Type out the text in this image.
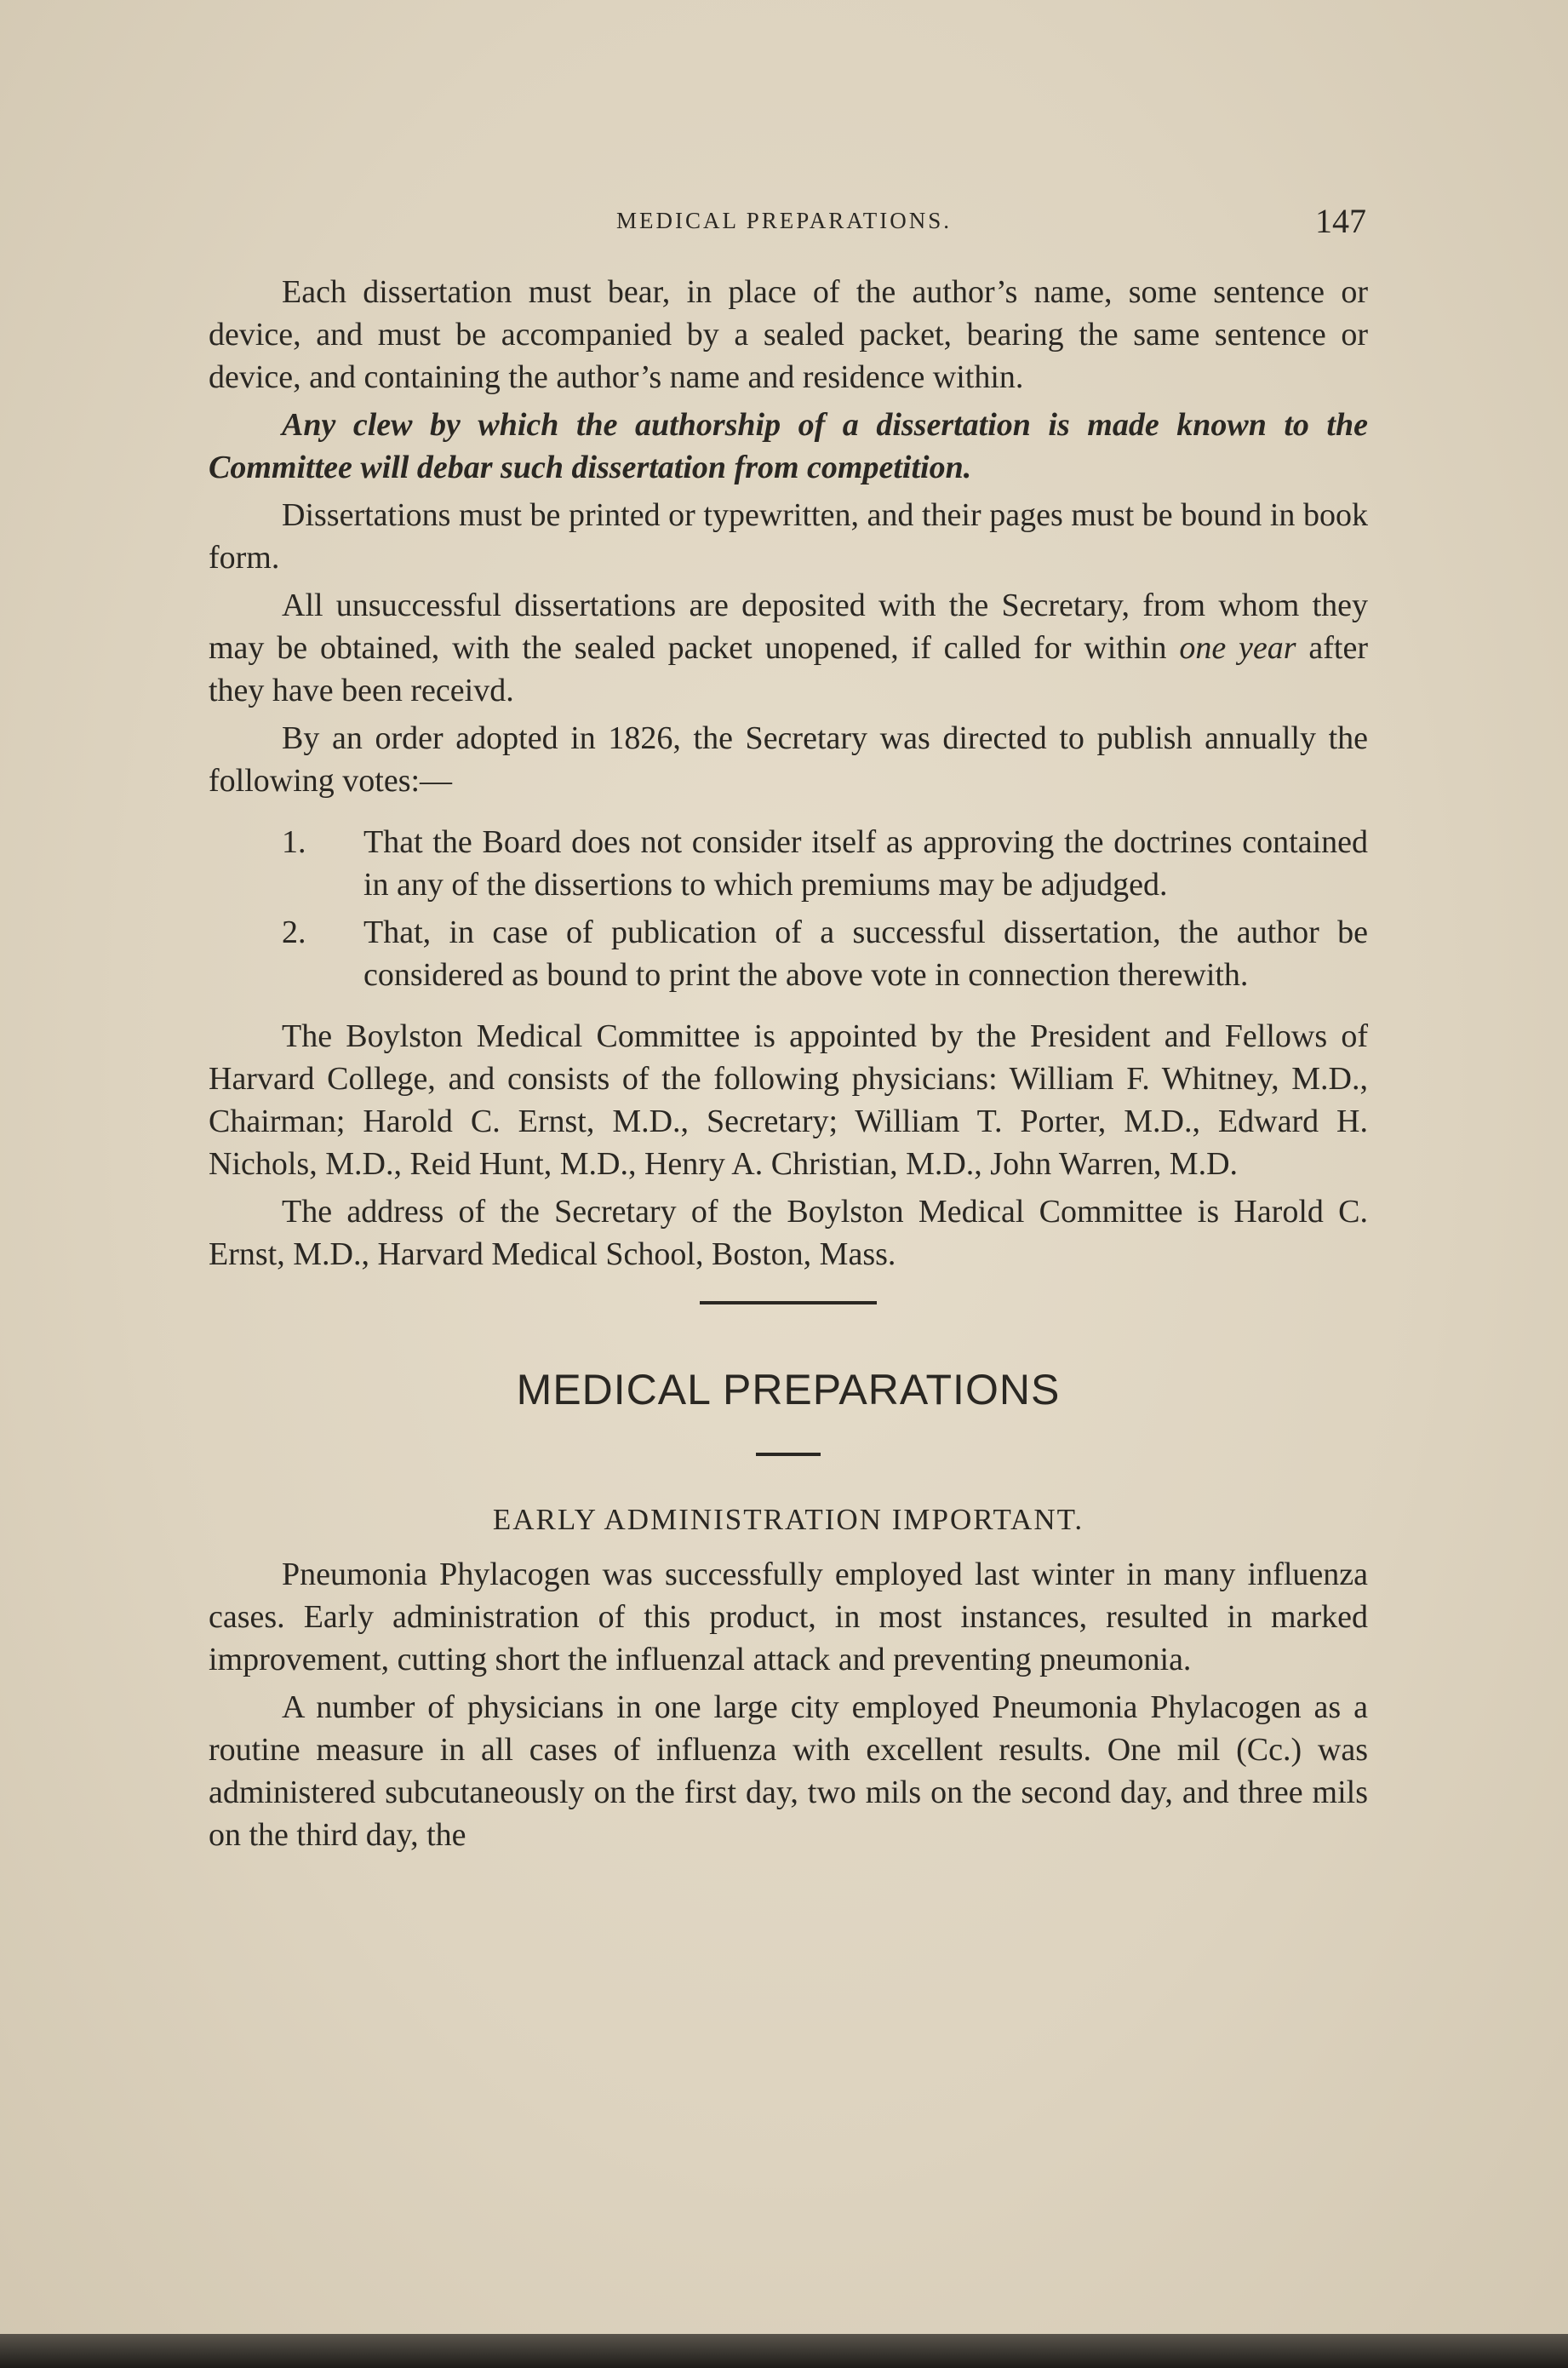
MEDICAL PREPARATIONS.	147

Each dissertation must bear, in place of the author’s name, some sentence or device, and must be accompanied by a sealed packet, bearing the same sentence or device, and containing the author’s name and residence within.

Any clew by which the authorship of a dissertation is made known to the Committee will debar such dissertation from competition.

Dissertations must be printed or typewritten, and their pages must be bound in book form.

All unsuccessful dissertations are deposited with the Secretary, from whom they may be obtained, with the sealed packet unopened, if called for within one year after they have been receivd.

By an order adopted in 1826, the Secretary was directed to publish annually the following votes:—

1. That the Board does not consider itself as approving the doctrines contained in any of the dissertions to which premiums may be adjudged.
2. That, in case of publication of a successful dissertation, the author be considered as bound to print the above vote in connection therewith.

The Boylston Medical Committee is appointed by the President and Fellows of Harvard College, and consists of the following physicians: William F. Whitney, M.D., Chairman; Harold C. Ernst, M.D., Secretary; William T. Porter, M.D., Edward H. Nichols, M.D., Reid Hunt, M.D., Henry A. Christian, M.D., John Warren, M.D.

The address of the Secretary of the Boylston Medical Committee is Harold C. Ernst, M.D., Harvard Medical School, Boston, Mass.

MEDICAL PREPARATIONS
EARLY ADMINISTRATION IMPORTANT.

Pneumonia Phylacogen was successfully employed last winter in many influenza cases. Early administration of this product, in most instances, resulted in marked improvement, cutting short the influenzal attack and preventing pneumonia.

A number of physicians in one large city employed Pneumonia Phylacogen as a routine measure in all cases of influenza with excellent results. One mil (Cc.) was administered subcutaneously on the first day, two mils on the second day, and three mils on the third day, the
